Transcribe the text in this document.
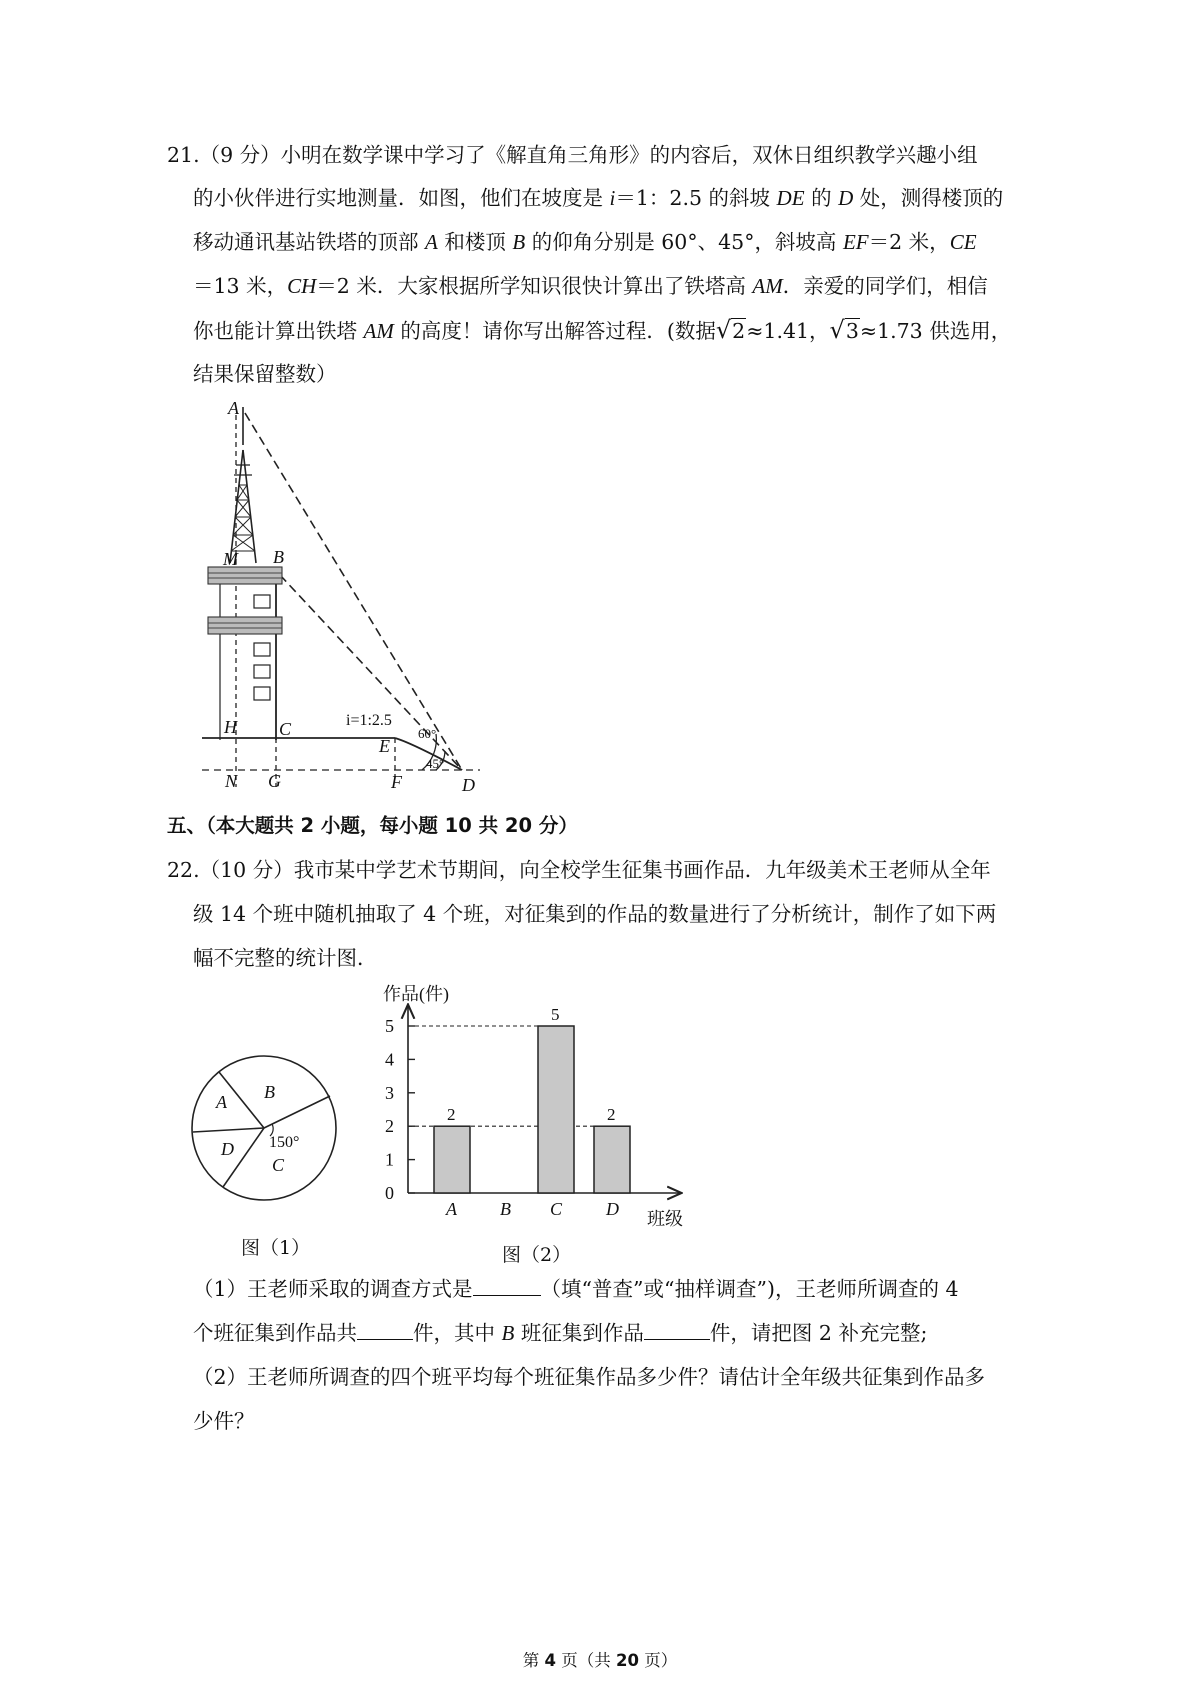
21.（9 分）小明在数学课中学习了《解直角三角形》的内容后，双休日组织教学兴趣小组
的小伙伴进行实地测量．如图，他们在坡度是 i＝1：2.5 的斜坡 DE 的 D 处，测得楼顶的
移动通讯基站铁塔的顶部 A 和楼顶 B 的仰角分别是 60°、45°，斜坡高 EF＝2 米，CE
＝13 米，CH＝2 米．大家根据所学知识很快计算出了铁塔高 AM．亲爱的同学们，相信
你也能计算出铁塔 AM 的高度！请你写出解答过程．(数据√2≈1.41，√3≈1.73 供选用，
结果保留整数）
A
M B
H C
E
N G	F	D
i=1:2.5
60°
45°
五、（本大题共 2 小题，每小题 10 共 20 分）
22.（10 分）我市某中学艺术节期间，向全校学生征集书画作品．九年级美术王老师从全年
级 14 个班中随机抽取了 4 个班，对征集到的作品的数量进行了分析统计，制作了如下两
幅不完整的统计图．
A B
C
D 150°
图（1）
作品(件)
班级
0
1
2
3
4
5
2
A B
5
C
2
D
图（2）
（1）王老师采取的调查方式是	（填“普查”或“抽样调查”)，王老师所调查的 4
个班征集到作品共	件，其中 B 班征集到作品	件，请把图 2 补充完整;
（2）王老师所调查的四个班平均每个班征集作品多少件？请估计全年级共征集到作品多
少件？
第 4 页（共 20 页）
